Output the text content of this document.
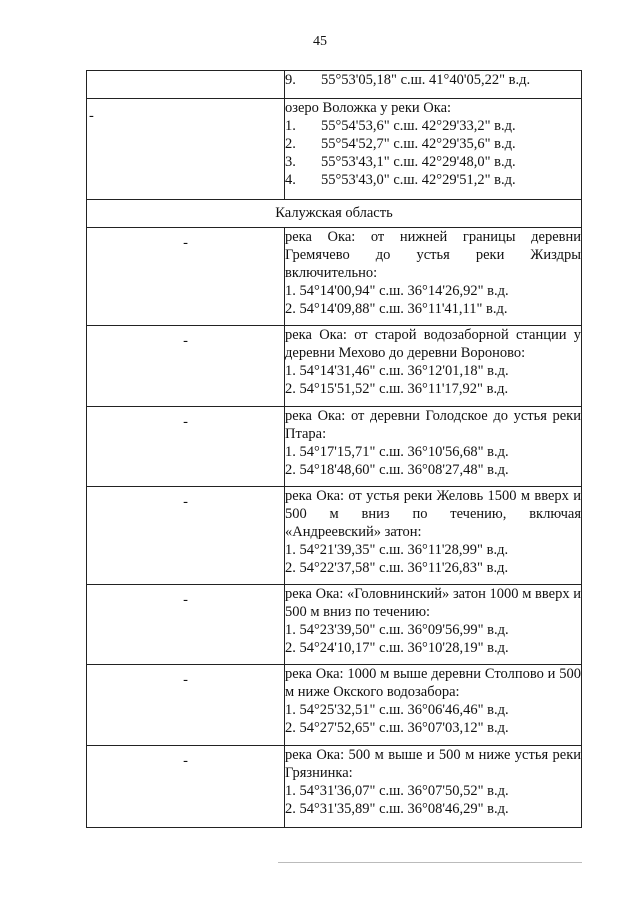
45

	9. 55°53'05,18" с.ш. 41°40'05,22" в.д.

-	озеро Воложка у реки Ока:
1. 55°54'53,6" с.ш. 42°29'33,2" в.д.
2. 55°54'52,7" с.ш. 42°29'35,6" в.д.
3. 55°53'43,1" с.ш. 42°29'48,0" в.д.
4. 55°53'43,0" с.ш. 42°29'51,2" в.д.

Калужская область	
-	река Ока: от нижней границы деревни Гремячево до устья реки Жиздры включительно:
1. 54°14'00,94" с.ш. 36°14'26,92" в.д.
2. 54°14'09,88" с.ш. 36°11'41,11" в.д.

-	река Ока: от старой водозаборной станции у деревни Мехово до деревни Вороново:
1. 54°14'31,46" с.ш. 36°12'01,18" в.д.
2. 54°15'51,52" с.ш. 36°11'17,92" в.д.

-	река Ока: от деревни Голодское до устья реки Птара:
1. 54°17'15,71" с.ш. 36°10'56,68" в.д.
2. 54°18'48,60" с.ш. 36°08'27,48" в.д.

-	река Ока: от устья реки Желовь 1500 м вверх и 500 м вниз по течению, включая «Андреевский» затон:
1. 54°21'39,35" с.ш. 36°11'28,99" в.д.
2. 54°22'37,58" с.ш. 36°11'26,83" в.д.

-	река Ока: «Головнинский» затон 1000 м вверх и 500 м вниз по течению:
1. 54°23'39,50" с.ш. 36°09'56,99" в.д.
2. 54°24'10,17" с.ш. 36°10'28,19" в.д.

-	река Ока: 1000 м выше деревни Столпово и 500 м ниже Окского водозабора:
1. 54°25'32,51" с.ш. 36°06'46,46" в.д.
2. 54°27'52,65" с.ш. 36°07'03,12" в.д.

-	река Ока: 500 м выше и 500 м ниже устья реки Грязнинка:
1. 54°31'36,07" с.ш. 36°07'50,52" в.д.
2. 54°31'35,89" с.ш. 36°08'46,29" в.д.
